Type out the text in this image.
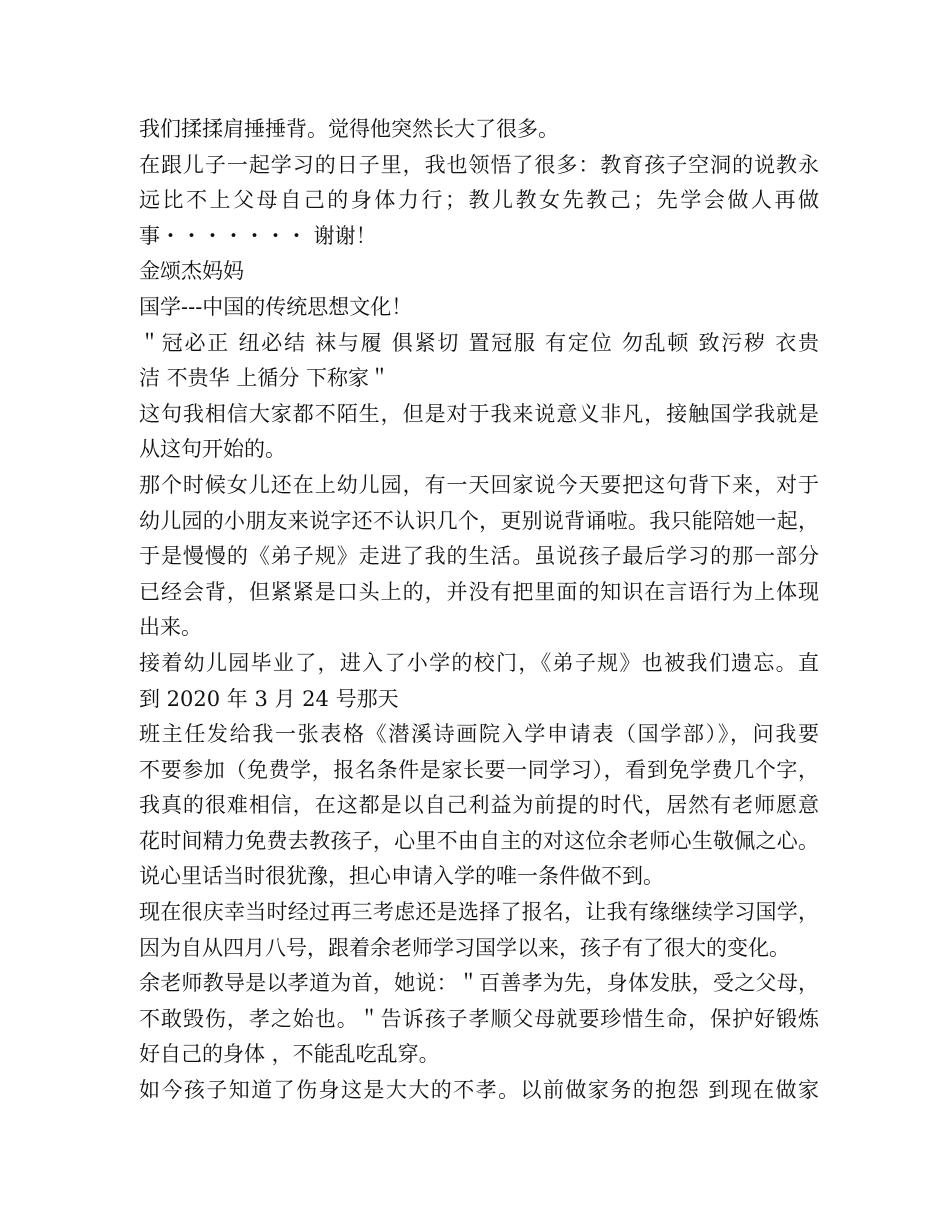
我们揉揉肩捶捶背。觉得他突然长大了很多。
在跟儿子一起学习的日子里，我也领悟了很多：教育孩子空洞的说教永
远比不上父母自己的身体力行；教儿教女先教己；先学会做人再做
事・・・・・・・ 谢谢！
金颂杰妈妈
国学---中国的传统思想文化！
＂冠必正 纽必结 袜与履 俱紧切 置冠服 有定位 勿乱顿 致污秽 衣贵
洁 不贵华 上循分 下称家＂
这句我相信大家都不陌生，但是对于我来说意义非凡，接触国学我就是
从这句开始的。
那个时候女儿还在上幼儿园，有一天回家说今天要把这句背下来，对于
幼儿园的小朋友来说字还不认识几个，更别说背诵啦。我只能陪她一起，
于是慢慢的《弟子规》走进了我的生活。虽说孩子最后学习的那一部分
已经会背，但紧紧是口头上的，并没有把里面的知识在言语行为上体现
出来。
接着幼儿园毕业了，进入了小学的校门，《弟子规》也被我们遗忘。直
到 2020 年 3 月 24 号那天
班主任发给我一张表格《潜溪诗画院入学申请表（国学部）》，问我要
不要参加（免费学，报名条件是家长要一同学习），看到免学费几个字，
我真的很难相信，在这都是以自己利益为前提的时代，居然有老师愿意
花时间精力免费去教孩子，心里不由自主的对这位余老师心生敬佩之心。
说心里话当时很犹豫，担心申请入学的唯一条件做不到。
现在很庆幸当时经过再三考虑还是选择了报名，让我有缘继续学习国学，
因为自从四月八号，跟着余老师学习国学以来，孩子有了很大的变化。
余老师教导是以孝道为首，她说：＂百善孝为先，身体发肤，受之父母，
不敢毁伤，孝之始也。＂告诉孩子孝顺父母就要珍惜生命，保护好锻炼
好自己的身体 ，不能乱吃乱穿。
如今孩子知道了伤身这是大大的不孝。以前做家务的抱怨 到现在做家
